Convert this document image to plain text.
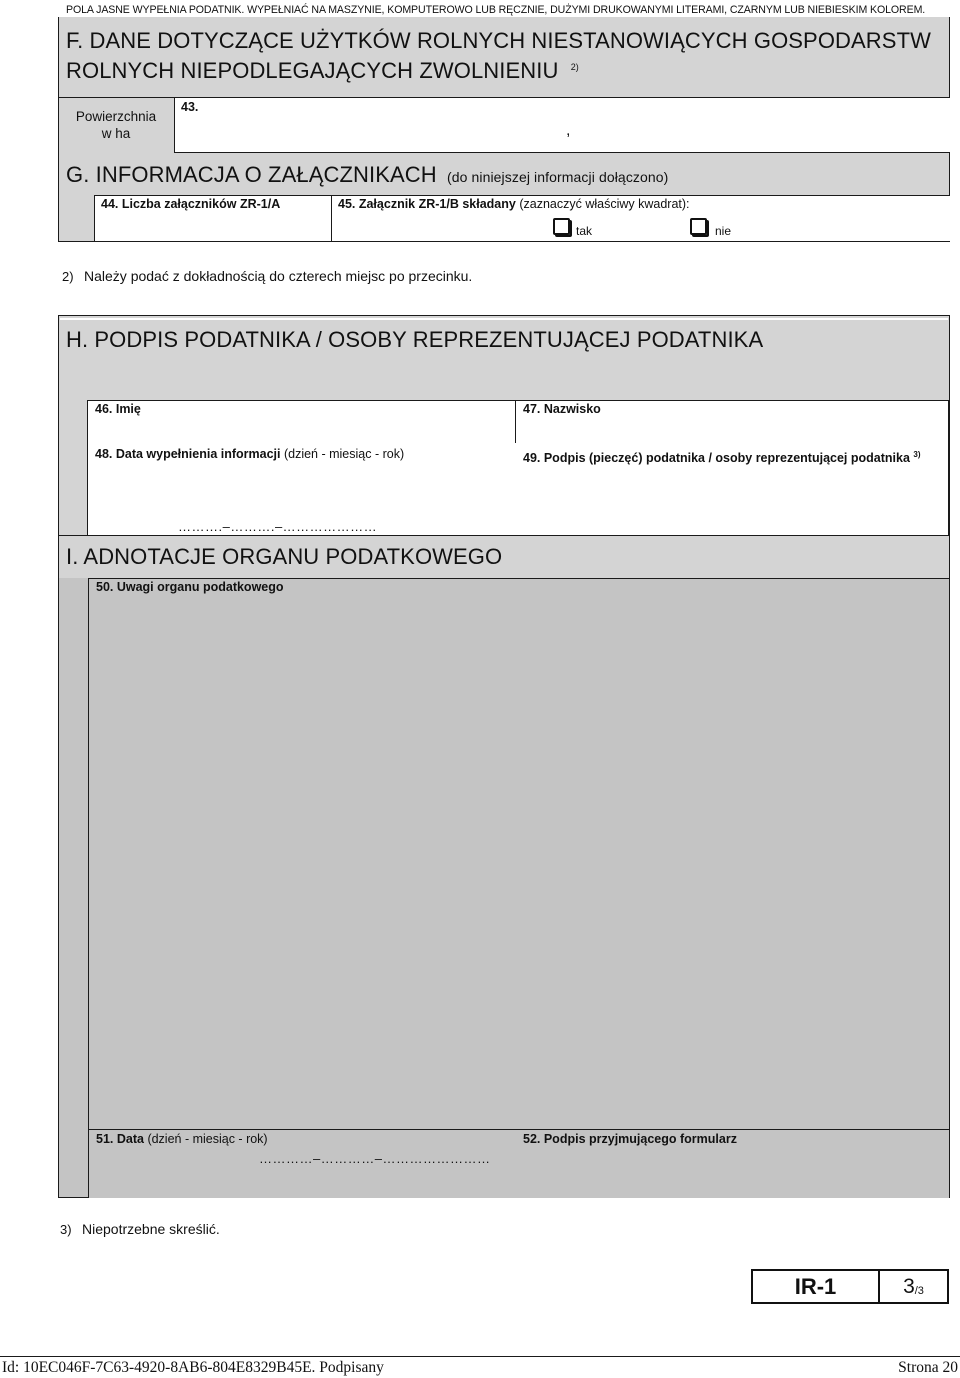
POLA JASNE WYPEŁNIA PODATNIK. WYPEŁNIAĆ NA MASZYNIE, KOMPUTEROWO LUB RĘCZNIE, DUŻYMI DRUKOWANYMI LITERAMI, CZARNYM LUB NIEBIESKIM KOLOREM.
F. DANE DOTYCZĄCE UŻYTKÓW ROLNYCH NIESTANOWIĄCYCH GOSPODARSTW
ROLNYCH NIEPODLEGAJĄCYCH ZWOLNIENIU $^{2)}$
Powierzchnia
w ha
43.
,
G. INFORMACJA O ZAŁĄCZNIKACH (do niniejszej informacji dołączono)
44. Liczba załączników ZR-1/A	45. Załącznik ZR-1/B składany (zaznaczyć właściwy kwadrat):
tak	nie
2) Należy podać z dokładnością do czterech miejsc po przecinku.
H. PODPIS PODATNIKA / OSOBY REPREZENTUJĄCEJ PODATNIKA
46. Imię	47. Nazwisko
48. Data wypełnienia informacji (dzień - miesiąc - rok)
……….–……….–…………………
49. Podpis (pieczęć) podatnika / osoby reprezentującej podatnika $^{3)}$
I. ADNOTACJE ORGANU PODATKOWEGO
50. Uwagi organu podatkowego
51. Data (dzień - miesiąc - rok)
…………–…………–……………………
52. Podpis przyjmującego formularz
3) Niepotrzebne skreślić.
IR-1	3 /3
Id: 10EC046F-7C63-4920-8AB6-804E8329B45E. Podpisany	Strona 20
